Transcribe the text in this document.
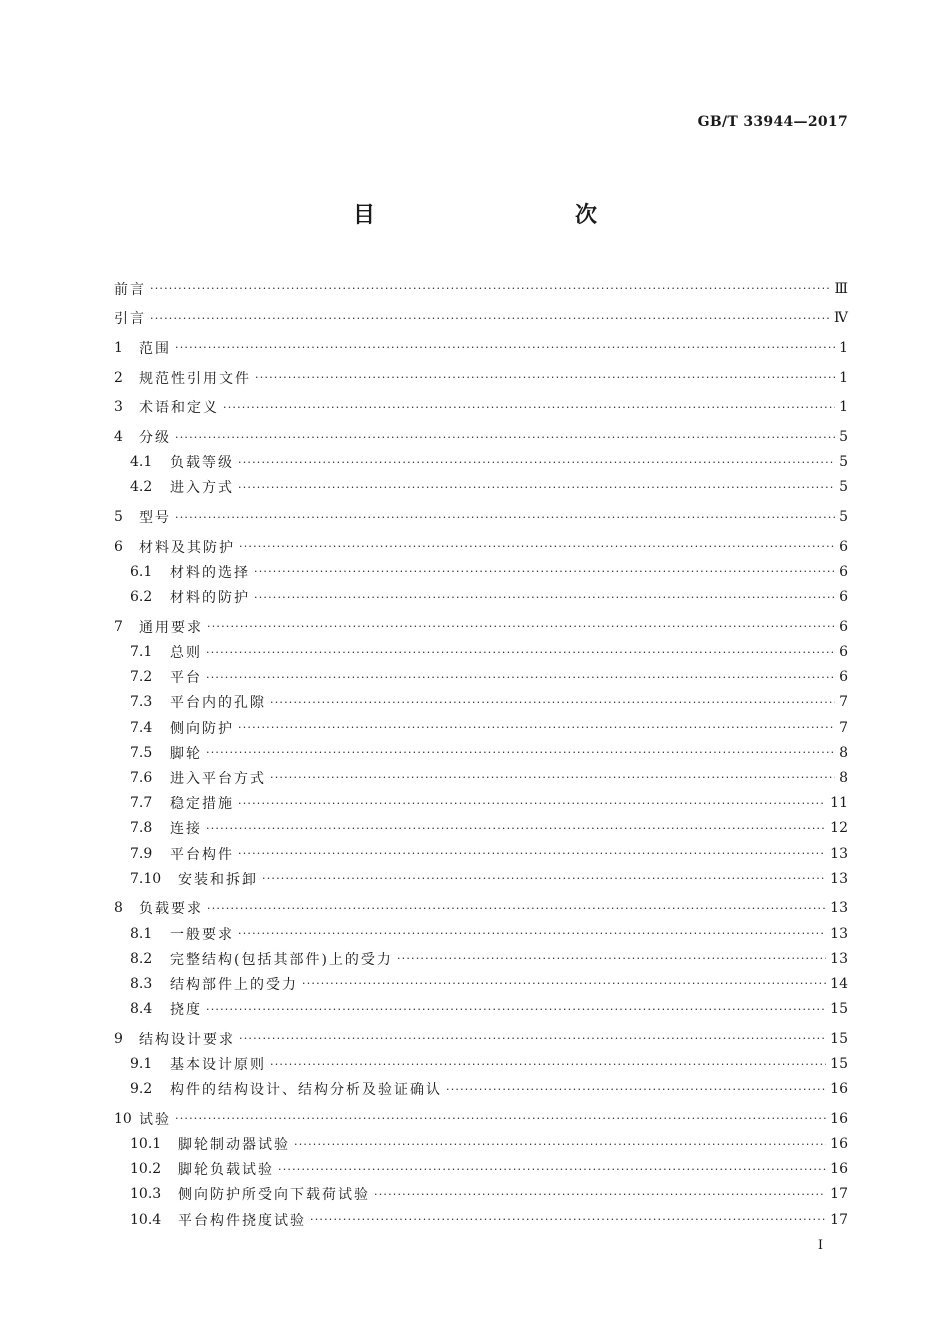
GB/T 33944—2017
目　　次
前言 ·····	Ⅲ
引言 ·····	Ⅳ
1	范围 ·····	1
2	规范性引用文件 ·····	1
3	术语和定义 ·····	1
4	分级 ·····	5
4.1	负载等级 ·····	5
4.2	进入方式 ·····	5
5	型号 ·····	5
6	材料及其防护 ·····	6
6.1	材料的选择 ·····	6
6.2	材料的防护 ·····	6
7	通用要求 ·····	6
7.1	总则 ·····	6
7.2	平台 ·····	6
7.3	平台内的孔隙 ·····	7
7.4	侧向防护 ·····	7
7.5	脚轮 ·····	8
7.6	进入平台方式 ·····	8
7.7	稳定措施 ·····	11
7.8	连接 ·····	12
7.9	平台构件 ·····	13
7.10	安装和拆卸 ·····	13
8	负载要求 ·····	13
8.1	一般要求 ·····	13
8.2	完整结构(包括其部件)上的受力 ·····	13
8.3	结构部件上的受力 ·····	14
8.4	挠度 ·····	15
9	结构设计要求 ·····	15
9.1	基本设计原则 ·····	15
9.2	构件的结构设计、结构分析及验证确认 ·····	16
10 试验 ·····	16
10.1	脚轮制动器试验 ·····	16
10.2	脚轮负载试验 ·····	16
10.3	侧向防护所受向下载荷试验 ·····	17
10.4	平台构件挠度试验 ·····	17
I
